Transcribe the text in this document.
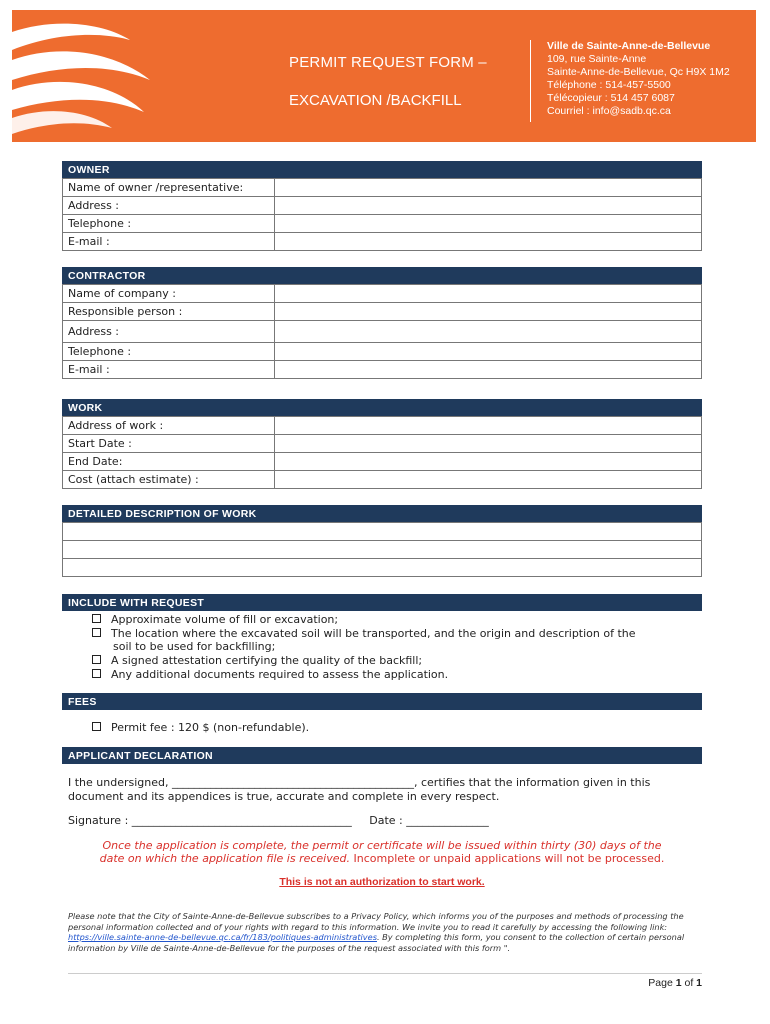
PERMIT REQUEST FORM –
EXCAVATION /BACKFILL
Ville de Sainte-Anne-de-Bellevue
109, rue Sainte-Anne
Sainte-Anne-de-Bellevue, Qc H9X 1M2
Téléphone : 514-457-5500
Télécopieur : 514 457 6087
Courriel : info@sadb.qc.ca
OWNER
Name of owner /representative:	
Address :	
Telephone :	
E-mail :	
CONTRACTOR
Name of company :	
Responsible person :	
Address :	
Telephone :	
E-mail :	
WORK
Address of work :	
Start Date :	
End Date:	
Cost (attach estimate) :	
DETAILED DESCRIPTION OF WORK

INCLUDE WITH REQUEST
Approximate volume of fill or excavation;
The location where the excavated soil will be transported, and the origin and description of the
soil to be used for backfilling;
A signed attestation certifying the quality of the backfill;
Any additional documents required to assess the application.
FEES
Permit fee : 120 $ (non-refundable).
APPLICANT DECLARATION
I the undersigned, ____________________________________________, certifies that the information given in this
document and its appendices is true, accurate and complete in every respect.
Signature : ________________________________________     Date : _______________
Once the application is complete, the permit or certificate will be issued within thirty (30) days of the
date on which the application file is received. Incomplete or unpaid applications will not be processed.
This is not an authorization to start work.
Please note that the City of Sainte-Anne-de-Bellevue subscribes to a Privacy Policy, which informs you of the purposes and methods of processing the personal information collected and of your rights with regard to this information. We invite you to read it carefully by accessing the following link: https://ville.sainte-anne-de-bellevue.qc.ca/fr/183/politiques-administratives. By completing this form, you consent to the collection of certain personal information by Ville de Sainte-Anne-de-Bellevue for the purposes of the request associated with this form ".
Page 1 of 1
